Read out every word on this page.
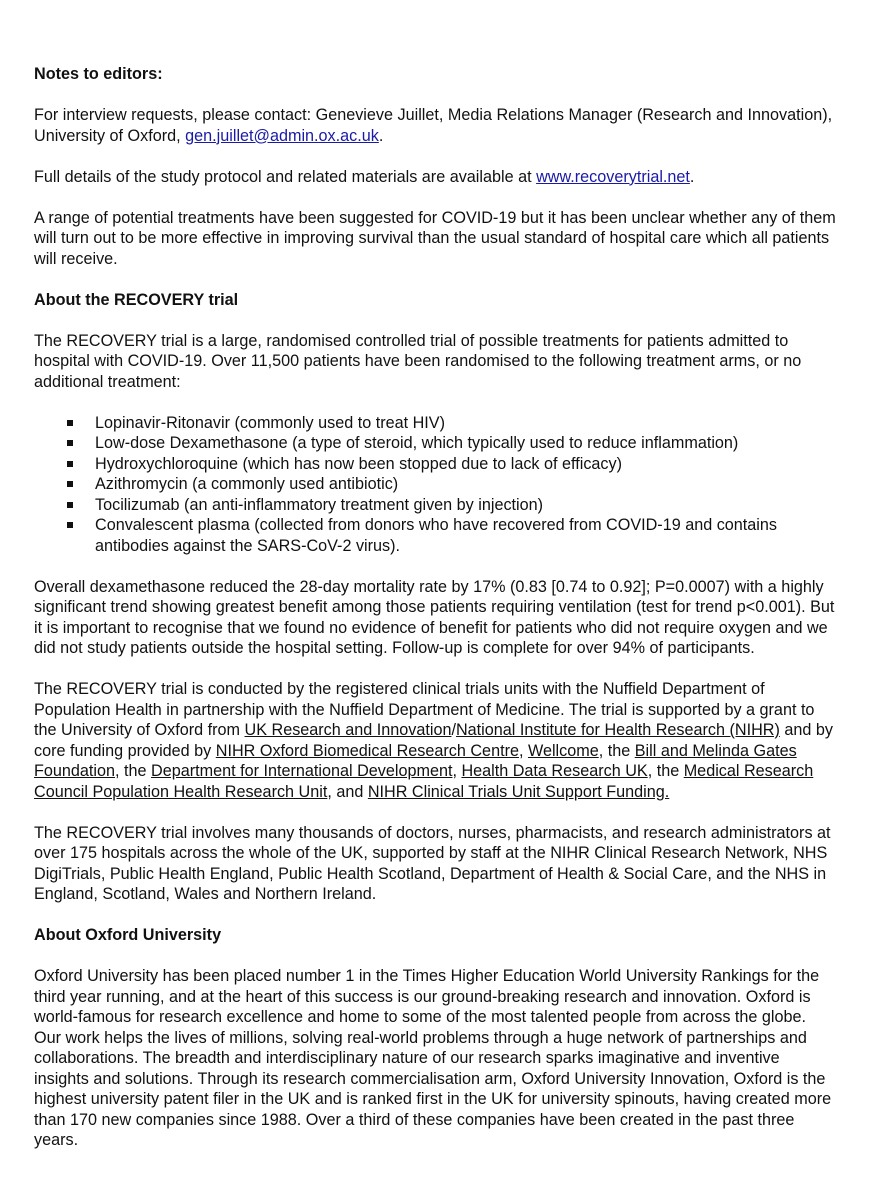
Notes to editors:
For interview requests, please contact: Genevieve Juillet, Media Relations Manager (Research and Innovation),
University of Oxford, gen.juillet@admin.ox.ac.uk.
Full details of the study protocol and related materials are available at www.recoverytrial.net.
A range of potential treatments have been suggested for COVID-19 but it has been unclear whether any of them
will turn out to be more effective in improving survival than the usual standard of hospital care which all patients
will receive.
About the RECOVERY trial
The RECOVERY trial is a large, randomised controlled trial of possible treatments for patients admitted to
hospital with COVID-19. Over 11,500 patients have been randomised to the following treatment arms, or no
additional treatment:
Lopinavir-Ritonavir (commonly used to treat HIV)
Low-dose Dexamethasone (a type of steroid, which typically used to reduce inflammation)
Hydroxychloroquine (which has now been stopped due to lack of efficacy)
Azithromycin (a commonly used antibiotic)
Tocilizumab (an anti-inflammatory treatment given by injection)
Convalescent plasma (collected from donors who have recovered from COVID-19 and contains
antibodies against the SARS-CoV-2 virus).
Overall dexamethasone reduced the 28-day mortality rate by 17% (0.83 [0.74 to 0.92]; P=0.0007) with a highly
significant trend showing greatest benefit among those patients requiring ventilation (test for trend p<0.001). But
it is important to recognise that we found no evidence of benefit for patients who did not require oxygen and we
did not study patients outside the hospital setting. Follow-up is complete for over 94% of participants.
The RECOVERY trial is conducted by the registered clinical trials units with the Nuffield Department of
Population Health in partnership with the Nuffield Department of Medicine. The trial is supported by a grant to
the University of Oxford from UK Research and Innovation/National Institute for Health Research (NIHR) and by
core funding provided by NIHR Oxford Biomedical Research Centre, Wellcome, the Bill and Melinda Gates
Foundation, the Department for International Development, Health Data Research UK, the Medical Research
Council Population Health Research Unit, and NIHR Clinical Trials Unit Support Funding.
The RECOVERY trial involves many thousands of doctors, nurses, pharmacists, and research administrators at
over 175 hospitals across the whole of the UK, supported by staff at the NIHR Clinical Research Network, NHS
DigiTrials, Public Health England, Public Health Scotland, Department of Health & Social Care, and the NHS in
England, Scotland, Wales and Northern Ireland.
About Oxford University
Oxford University has been placed number 1 in the Times Higher Education World University Rankings for the
third year running, and at the heart of this success is our ground-breaking research and innovation. Oxford is
world-famous for research excellence and home to some of the most talented people from across the globe.
Our work helps the lives of millions, solving real-world problems through a huge network of partnerships and
collaborations. The breadth and interdisciplinary nature of our research sparks imaginative and inventive
insights and solutions. Through its research commercialisation arm, Oxford University Innovation, Oxford is the
highest university patent filer in the UK and is ranked first in the UK for university spinouts, having created more
than 170 new companies since 1988. Over a third of these companies have been created in the past three
years.
